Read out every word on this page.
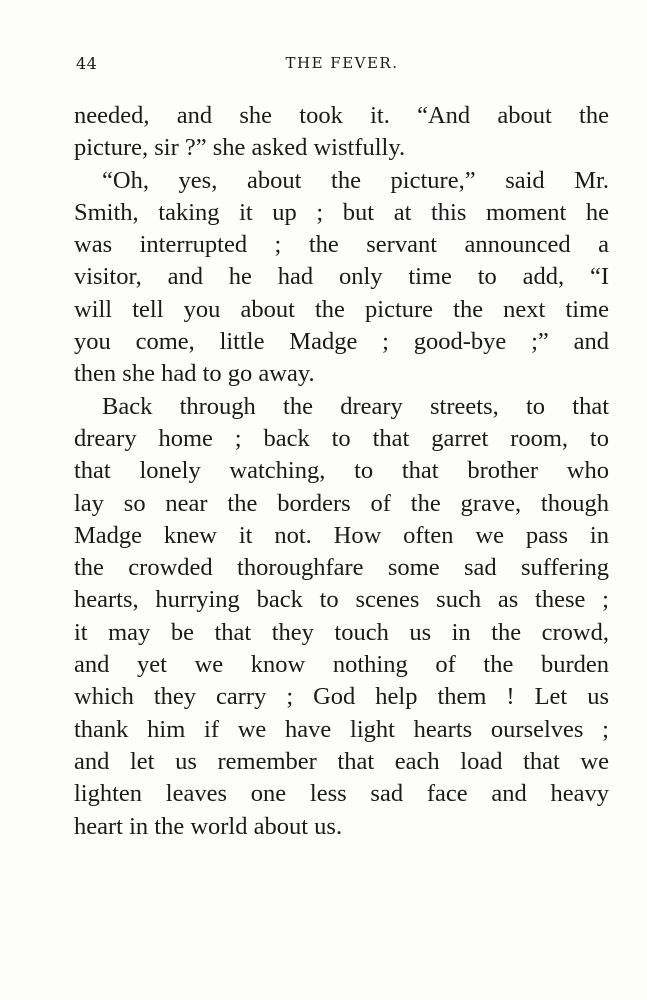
44	THE FEVER.
needed, and she took it. “And about the
picture, sir ?” she asked wistfully.
“Oh, yes, about the picture,” said Mr.
Smith, taking it up ; but at this moment he
was interrupted ; the servant announced a
visitor, and he had only time to add, “I
will tell you about the picture the next time
you come, little Madge ; good-bye ;” and
then she had to go away.
Back through the dreary streets, to that
dreary home ; back to that garret room, to
that lonely watching, to that brother who
lay so near the borders of the grave, though
Madge knew it not. How often we pass in
the crowded thoroughfare some sad suffering
hearts, hurrying back to scenes such as these ;
it may be that they touch us in the crowd,
and yet we know nothing of the burden
which they carry ; God help them ! Let us
thank him if we have light hearts ourselves ;
and let us remember that each load that we
lighten leaves one less sad face and heavy
heart in the world about us.
